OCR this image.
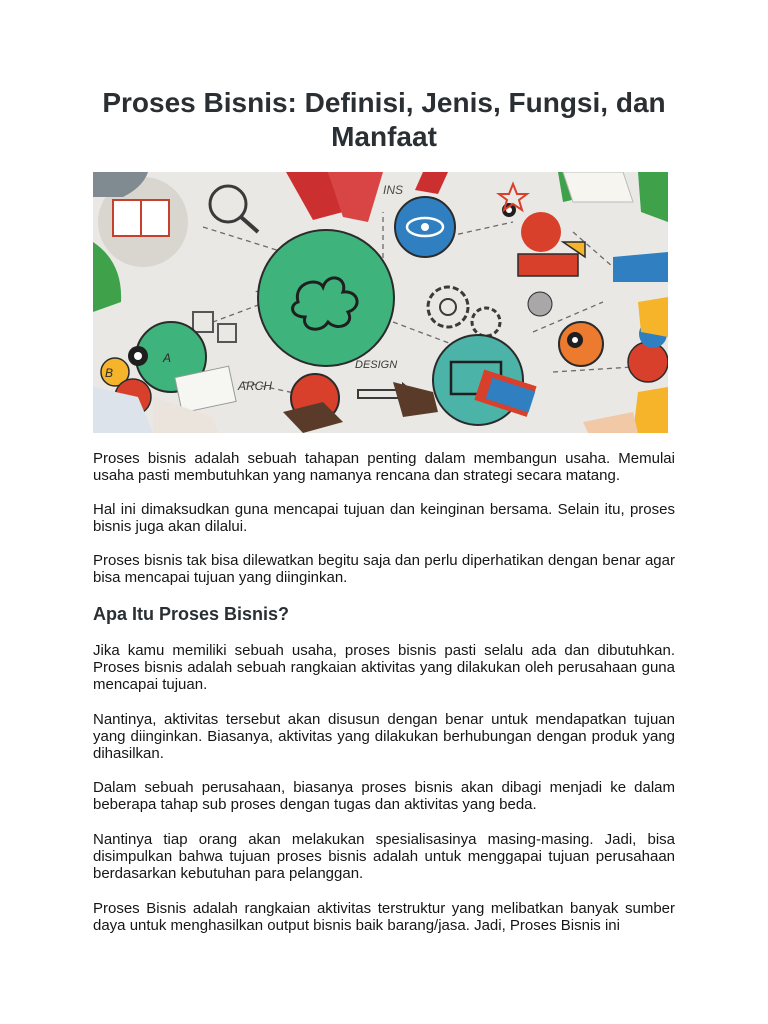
Proses Bisnis: Definisi, Jenis, Fungsi, dan Manfaat
INS
B
A
ARCH
DESIGN

Proses bisnis adalah sebuah tahapan penting dalam membangun usaha. Memulai usaha pasti membutuhkan yang namanya rencana dan strategi secara matang.

Hal ini dimaksudkan guna mencapai tujuan dan keinginan bersama. Selain itu, proses bisnis juga akan dilalui.

Proses bisnis tak bisa dilewatkan begitu saja dan perlu diperhatikan dengan benar agar bisa mencapai tujuan yang diinginkan.

Apa Itu Proses Bisnis?

Jika kamu memiliki sebuah usaha, proses bisnis pasti selalu ada dan dibutuhkan. Proses bisnis adalah sebuah rangkaian aktivitas yang dilakukan oleh perusahaan guna mencapai tujuan.

Nantinya, aktivitas tersebut akan disusun dengan benar untuk mendapatkan tujuan yang diinginkan. Biasanya, aktivitas yang dilakukan berhubungan dengan produk yang dihasilkan.

Dalam sebuah perusahaan, biasanya proses bisnis akan dibagi menjadi ke dalam beberapa tahap sub proses dengan tugas dan aktivitas yang beda.

Nantinya tiap orang akan melakukan spesialisasinya masing-masing. Jadi, bisa disimpulkan bahwa tujuan proses bisnis adalah untuk menggapai tujuan perusahaan berdasarkan kebutuhan para pelanggan.

Proses Bisnis adalah rangkaian aktivitas terstruktur yang melibatkan banyak sumber daya untuk menghasilkan output bisnis baik barang/jasa. Jadi, Proses Bisnis ini
